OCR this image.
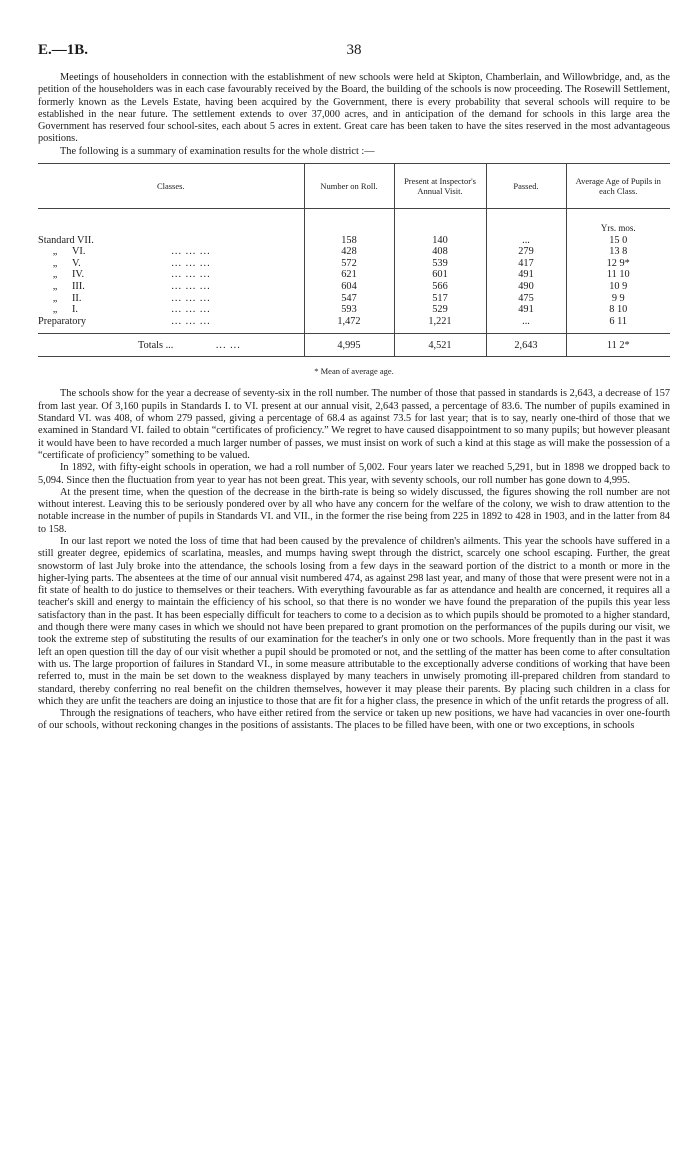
E.—1B.	38

Meetings of householders in connection with the establishment of new schools were held at Skipton, Chamberlain, and Willowbridge, and, as the petition of the householders was in each case favourably received by the Board, the building of the schools is now proceeding. The Rosewill Settlement, formerly known as the Levels Estate, having been acquired by the Government, there is every probability that several schools will require to be established in the near future. The settlement extends to over 37,000 acres, and in anticipation of the demand for schools in this large area the Government has reserved four school-sites, each about 5 acres in extent. Great care has been taken to have the sites reserved in the most advantageous positions.

The following is a summary of examination results for the whole district :—

Classes.	Number on Roll.	Present at Inspector's Annual Visit.	Passed.	Average Age of Pupils in each Class.
				Yrs. mos.
Standard VII.	158	140	...	15 0
„ VI. ... ... ...	428	408	279	13 8
„ V. ... ... ...	572	539	417	12 9*
„ IV. ... ... ...	621	601	491	11 10
„ III. ... ... ...	604	566	490	10 9
„ II. ... ... ...	547	517	475	9 9
„ I. ... ... ...	593	529	491	8 10
Preparatory ... ... ...	1,472	1,221	...	6 11

Totals ... ... ...	4,995	4,521	2,643	11 2*
* Mean of average age.

The schools show for the year a decrease of seventy-six in the roll number. The number of those that passed in standards is 2,643, a decrease of 157 from last year. Of 3,160 pupils in Standards I. to VI. present at our annual visit, 2,643 passed, a percentage of 83.6. The number of pupils examined in Standard VI. was 408, of whom 279 passed, giving a percentage of 68.4 as against 73.5 for last year; that is to say, nearly one-third of those that we examined in Standard VI. failed to obtain “certificates of proficiency.” We regret to have caused disappointment to so many pupils; but however pleasant it would have been to have recorded a much larger number of passes, we must insist on work of such a kind at this stage as will make the possession of a “certificate of proficiency” something to be valued.

In 1892, with fifty-eight schools in operation, we had a roll number of 5,002. Four years later we reached 5,291, but in 1898 we dropped back to 5,094. Since then the fluctuation from year to year has not been great. This year, with seventy schools, our roll number has gone down to 4,995.

At the present time, when the question of the decrease in the birth-rate is being so widely discussed, the figures showing the roll number are not without interest. Leaving this to be seriously pondered over by all who have any concern for the welfare of the colony, we wish to draw attention to the notable increase in the number of pupils in Standards VI. and VII., in the former the rise being from 225 in 1892 to 428 in 1903, and in the latter from 84 to 158.

In our last report we noted the loss of time that had been caused by the prevalence of children's ailments. This year the schools have suffered in a still greater degree, epidemics of scarlatina, measles, and mumps having swept through the district, scarcely one school escaping. Further, the great snowstorm of last July broke into the attendance, the schools losing from a few days in the seaward portion of the district to a month or more in the higher-lying parts. The absentees at the time of our annual visit numbered 474, as against 298 last year, and many of those that were present were not in a fit state of health to do justice to themselves or their teachers. With everything favourable as far as attendance and health are concerned, it requires all a teacher's skill and energy to maintain the efficiency of his school, so that there is no wonder we have found the preparation of the pupils this year less satisfactory than in the past. It has been especially difficult for teachers to come to a decision as to which pupils should be promoted to a higher standard, and though there were many cases in which we should not have been prepared to grant promotion on the performances of the pupils during our visit, we took the extreme step of substituting the results of our examination for the teacher's in only one or two schools. More frequently than in the past it was left an open question till the day of our visit whether a pupil should be promoted or not, and the settling of the matter has been come to after consultation with us. The large proportion of failures in Standard VI., in some measure attributable to the exceptionally adverse conditions of working that have been referred to, must in the main be set down to the weakness displayed by many teachers in unwisely promoting ill-prepared children from standard to standard, thereby conferring no real benefit on the children themselves, however it may please their parents. By placing such children in a class for which they are unfit the teachers are doing an injustice to those that are fit for a higher class, the presence in which of the unfit retards the progress of all.

Through the resignations of teachers, who have either retired from the service or taken up new positions, we have had vacancies in over one-fourth of our schools, without reckoning changes in the positions of assistants. The places to be filled have been, with one or two exceptions, in schools
